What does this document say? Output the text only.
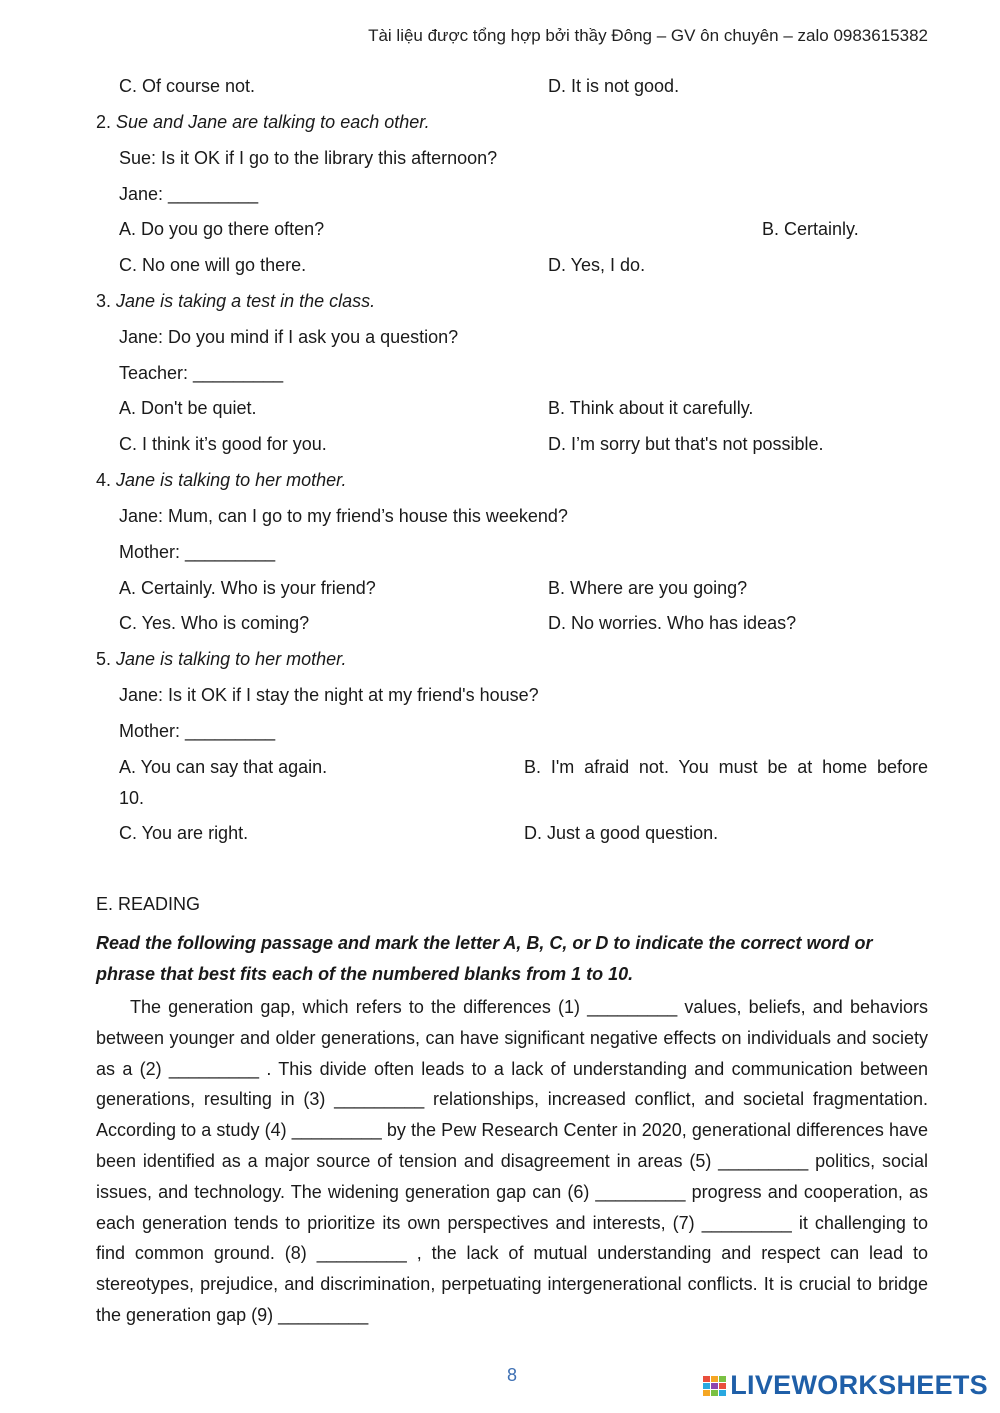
Tài liệu được tổng hợp bởi thầy Đông – GV ôn chuyên – zalo 0983615382
C. Of course not.	D. It is not good.
2. Sue and Jane are talking to each other.
Sue: Is it OK if I go to the library this afternoon?
Jane: _________
A. Do you go there often?	B. Certainly.
C. No one will go there.	D. Yes, I do.
3. Jane is taking a test in the class.
Jane: Do you mind if I ask you a question?
Teacher: _________
A. Don't be quiet.	B. Think about it carefully.
C. I think it’s good for you.	D. I’m sorry but that's not possible.
4. Jane is talking to her mother.
Jane: Mum, can I go to my friend’s house this weekend?
Mother: _________
A. Certainly. Who is your friend?	B. Where are you going?
C. Yes. Who is coming?	D. No worries. Who has ideas?
5. Jane is talking to her mother.
Jane: Is it OK if I stay the night at my friend's house?
Mother: _________
A. You can say that again.	B. I'm afraid not. You must be at home before
10.
C. You are right.	D. Just a good question.
E. READING
Read the following passage and mark the letter A, B, C, or D to indicate the correct word or phrase that best fits each of the numbered blanks from 1 to 10.

The generation gap, which refers to the differences (1) _________ values, beliefs, and behaviors between younger and older generations, can have significant negative effects on individuals and society as a (2) _________ . This divide often leads to a lack of understanding and communication between generations, resulting in (3) _________ relationships, increased conflict, and societal fragmentation. According to a study (4) _________ by the Pew Research Center in 2020, generational differences have been identified as a major source of tension and disagreement in areas (5) _________ politics, social issues, and technology. The widening generation gap can (6) _________ progress and cooperation, as each generation tends to prioritize its own perspectives and interests, (7) _________ it challenging to find common ground. (8) _________ , the lack of mutual understanding and respect can lead to stereotypes, prejudice, and discrimination, perpetuating intergenerational conflicts. It is crucial to bridge the generation gap (9) _________

8	LIVEWORKSHEETS
